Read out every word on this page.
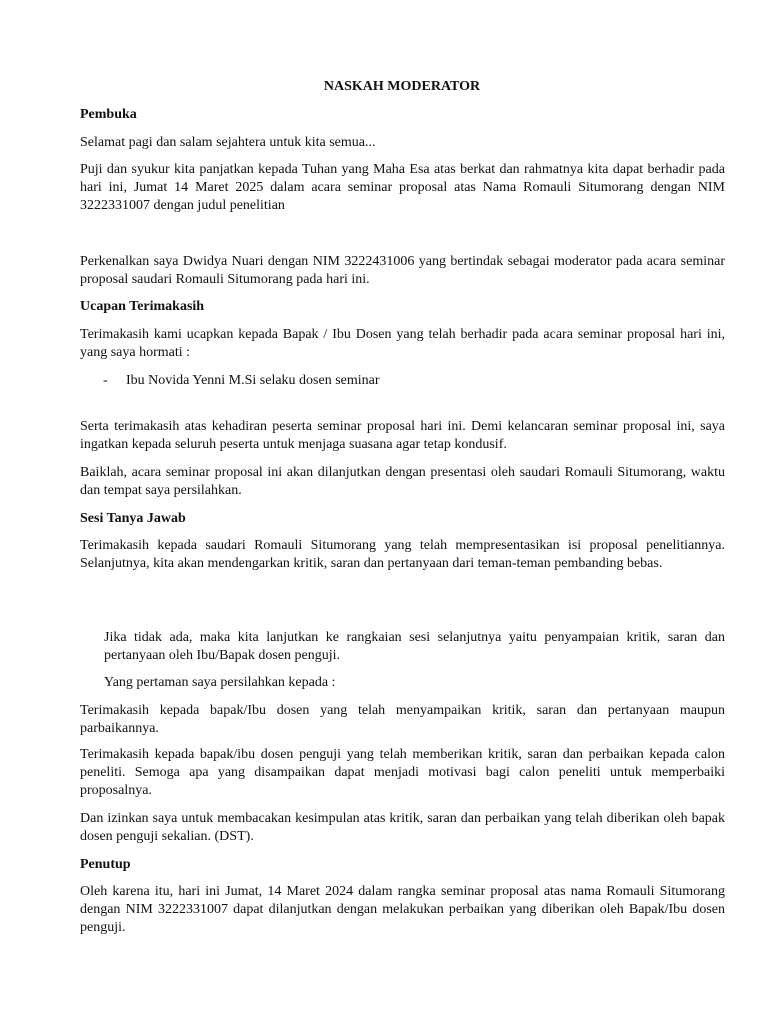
NASKAH MODERATOR

Pembuka

Selamat pagi dan salam sejahtera untuk kita semua...

Puji dan syukur kita panjatkan kepada Tuhan yang Maha Esa atas berkat dan rahmatnya kita dapat berhadir pada hari ini, Jumat 14 Maret 2025 dalam acara seminar proposal atas Nama Romauli Situmorang dengan NIM 3222331007 dengan judul penelitian

Perkenalkan saya Dwidya Nuari dengan NIM 3222431006 yang bertindak sebagai moderator pada acara seminar proposal saudari Romauli Situmorang pada hari ini.

Ucapan Terimakasih

Terimakasih kami ucapkan kepada Bapak / Ibu Dosen yang telah berhadir pada acara seminar proposal hari ini, yang saya hormati :

- Ibu Novida Yenni M.Si selaku dosen seminar

Serta terimakasih atas kehadiran peserta seminar proposal hari ini. Demi kelancaran seminar proposal ini, saya ingatkan kepada seluruh peserta untuk menjaga suasana agar tetap kondusif.

Baiklah, acara seminar proposal ini akan dilanjutkan dengan presentasi oleh saudari Romauli Situmorang, waktu dan tempat saya persilahkan.

Sesi Tanya Jawab

Terimakasih kepada saudari Romauli Situmorang yang telah mempresentasikan isi proposal penelitiannya. Selanjutnya, kita akan mendengarkan kritik, saran dan pertanyaan dari teman-teman pembanding bebas.

Jika tidak ada, maka kita lanjutkan ke rangkaian sesi selanjutnya yaitu penyampaian kritik, saran dan pertanyaan oleh Ibu/Bapak dosen penguji.

Yang pertaman saya persilahkan kepada :

Terimakasih kepada bapak/Ibu dosen yang telah menyampaikan kritik, saran dan pertanyaan maupun parbaikannya.

Terimakasih kepada bapak/ibu dosen penguji yang telah memberikan kritik, saran dan perbaikan kepada calon peneliti. Semoga apa yang disampaikan dapat menjadi motivasi bagi calon peneliti untuk memperbaiki proposalnya.

Dan izinkan saya untuk membacakan kesimpulan atas kritik, saran dan perbaikan yang telah diberikan oleh bapak dosen penguji sekalian. (DST).

Penutup

Oleh karena itu, hari ini Jumat, 14 Maret 2024 dalam rangka seminar proposal atas nama Romauli Situmorang dengan NIM 3222331007 dapat dilanjutkan dengan melakukan perbaikan yang diberikan oleh Bapak/Ibu dosen penguji.
